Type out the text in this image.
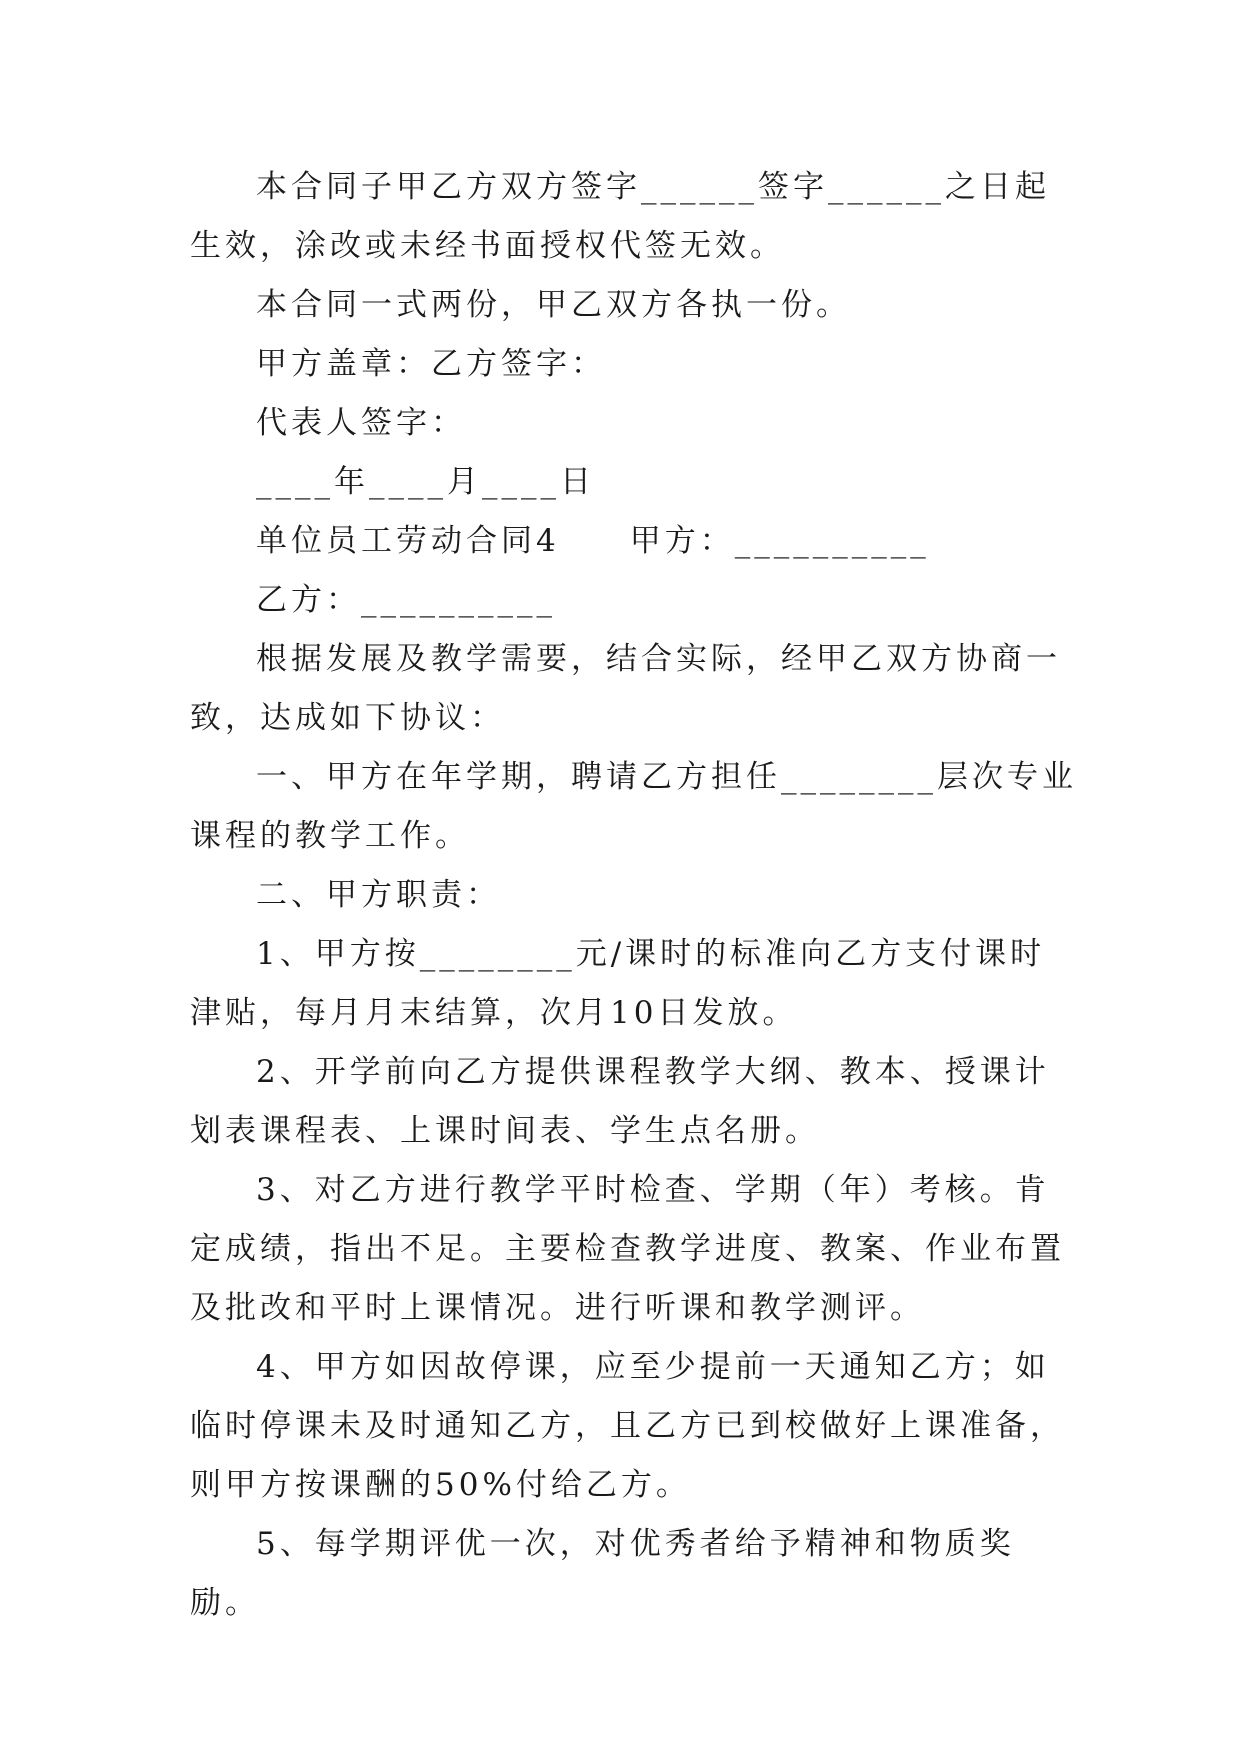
本合同子甲乙方双方签字______签字______之日起生效，涂改或未经书面授权代签无效。

本合同一式两份，甲乙双方各执一份。

甲方盖章：乙方签字：

代表人签字：

____年____月____日

单位员工劳动合同4　　甲方：__________

乙方：__________

根据发展及教学需要，结合实际，经甲乙双方协商一致，达成如下协议：

一、甲方在年学期，聘请乙方担任________层次专业课程的教学工作。

二、甲方职责：

1、甲方按________元/课时的标准向乙方支付课时津贴，每月月末结算，次月10日发放。

2、开学前向乙方提供课程教学大纲、教本、授课计划表课程表、上课时间表、学生点名册。

3、对乙方进行教学平时检查、学期（年）考核。肯定成绩，指出不足。主要检查教学进度、教案、作业布置及批改和平时上课情况。进行听课和教学测评。

4、甲方如因故停课，应至少提前一天通知乙方；如临时停课未及时通知乙方，且乙方已到校做好上课准备，则甲方按课酬的50%付给乙方。

5、每学期评优一次，对优秀者给予精神和物质奖励。
